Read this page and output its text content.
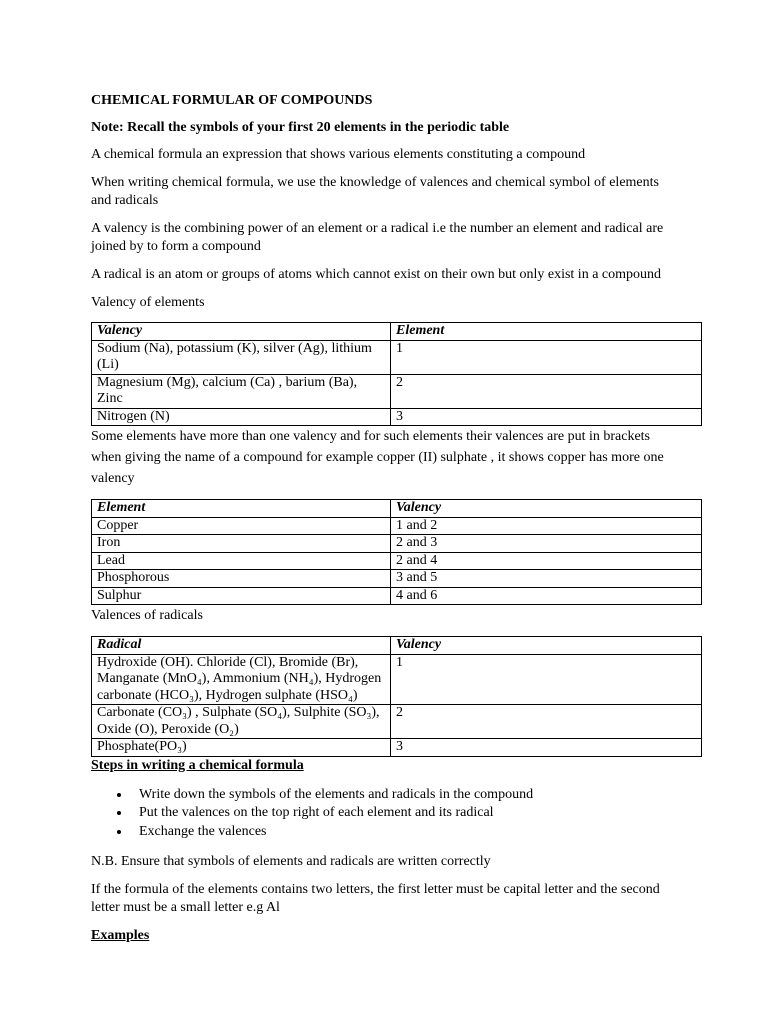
CHEMICAL FORMULAR OF COMPOUNDS
Note: Recall the symbols of your first 20 elements in the periodic table

A chemical formula an expression that shows various elements constituting a compound

When writing chemical formula, we use the knowledge of valences and chemical symbol of elements and radicals

A valency is the combining power of an element or a radical i.e the number an element and radical are joined by to form a compound

A radical is an atom or groups of atoms which cannot exist on their own but only exist in a compound

Valency of elements

Valency	Element
Sodium (Na), potassium (K), silver (Ag), lithium (Li)	1
Magnesium (Mg), calcium (Ca) , barium (Ba), Zinc	2
Nitrogen (N)	3

Some elements have more than one valency and for such elements their valences are put in brackets when giving the name of a compound for example copper (II) sulphate , it shows copper has more one valency

Element	Valency
Copper	1 and 2
Iron	2 and 3
Lead	2 and 4
Phosphorous	3 and 5
Sulphur	4 and 6

Valences of radicals

Radical	Valency
Hydroxide (OH). Chloride (Cl), Bromide (Br), Manganate (MnO₄), Ammonium (NH₄), Hydrogen carbonate (HCO₃), Hydrogen sulphate (HSO₄)	1
Carbonate (CO₃) , Sulphate (SO₄), Sulphite (SO₃), Oxide (O), Peroxide (O₂)	2
Phosphate(PO₃)	3
Steps in writing a chemical formula
• Write down the symbols of the elements and radicals in the compound
• Put the valences on the top right of each element and its radical
• Exchange the valences

N.B. Ensure that symbols of elements and radicals are written correctly

If the formula of the elements contains two letters, the first letter must be capital letter and the second letter must be a small letter e.g Al

Examples
